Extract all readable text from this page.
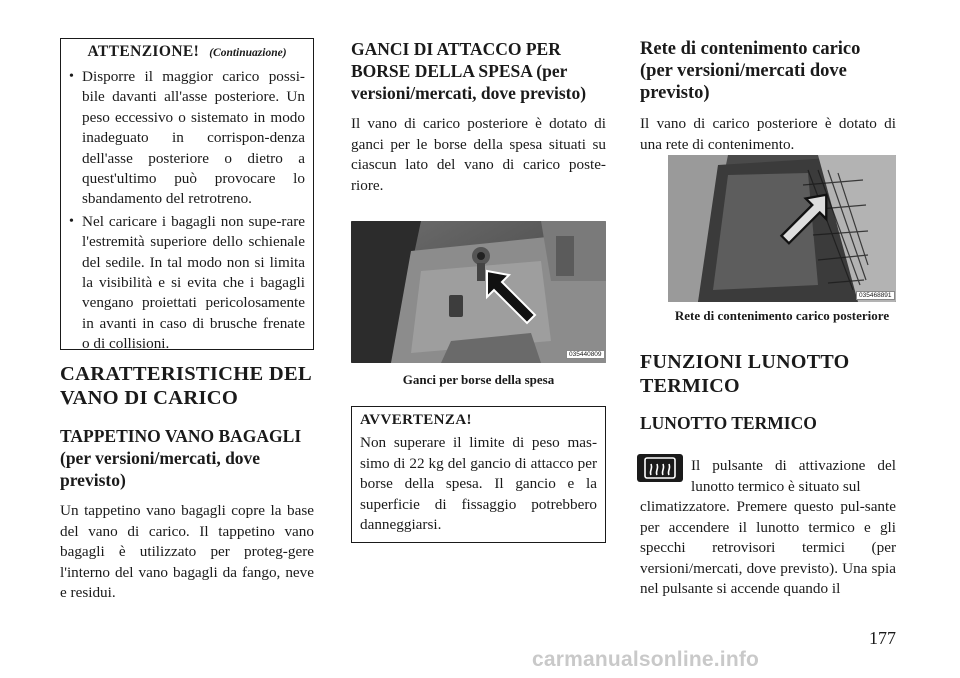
ATTENZIONE! (Continuazione)
• Disporre il maggior carico possi-bile davanti all'asse posteriore. Un peso eccessivo o sistemato in modo inadeguato in corrispon-denza dell'asse posteriore o dietro a quest'ultimo può provocare lo sbandamento del retrotreno.
• Nel caricare i bagagli non supe-rare l'estremità superiore dello schienale del sedile. In tal modo non si limita la visibilità e si evita che i bagagli vengano proiettati pericolosamente in avanti in caso di brusche frenate o di collisioni.
CARATTERISTICHE DEL VANO DI CARICO
TAPPETINO VANO BAGAGLI (per versioni/mercati, dove previsto)

Un tappetino vano bagagli copre la base del vano di carico. Il tappetino vano bagagli è utilizzato per proteg-gere l'interno del vano bagagli da fango, neve e residui.

GANCI DI ATTACCO PER BORSE DELLA SPESA (per versioni/mercati, dove previsto)

Il vano di carico posteriore è dotato di ganci per le borse della spesa situati su ciascun lato del vano di carico poste-riore.

035440809
Ganci per borse della spesa
AVVERTENZA!

Non superare il limite di peso mas-simo di 22 kg del gancio di attacco per borse della spesa. Il gancio e la superficie di fissaggio potrebbero danneggiarsi.

Rete di contenimento carico (per versioni/mercati dove previsto)

Il vano di carico posteriore è dotato di una rete di contenimento.

035468891
Rete di contenimento carico posteriore
FUNZIONI LUNOTTO TERMICO
LUNOTTO TERMICO

Il pulsante di attivazione del lunotto termico è situato sul

climatizzatore. Premere questo pul-sante per accendere il lunotto termico e gli specchi retrovisori termici (per versioni/mercati, dove previsto). Una spia nel pulsante si accende quando il

177
carmanualsonline.info
